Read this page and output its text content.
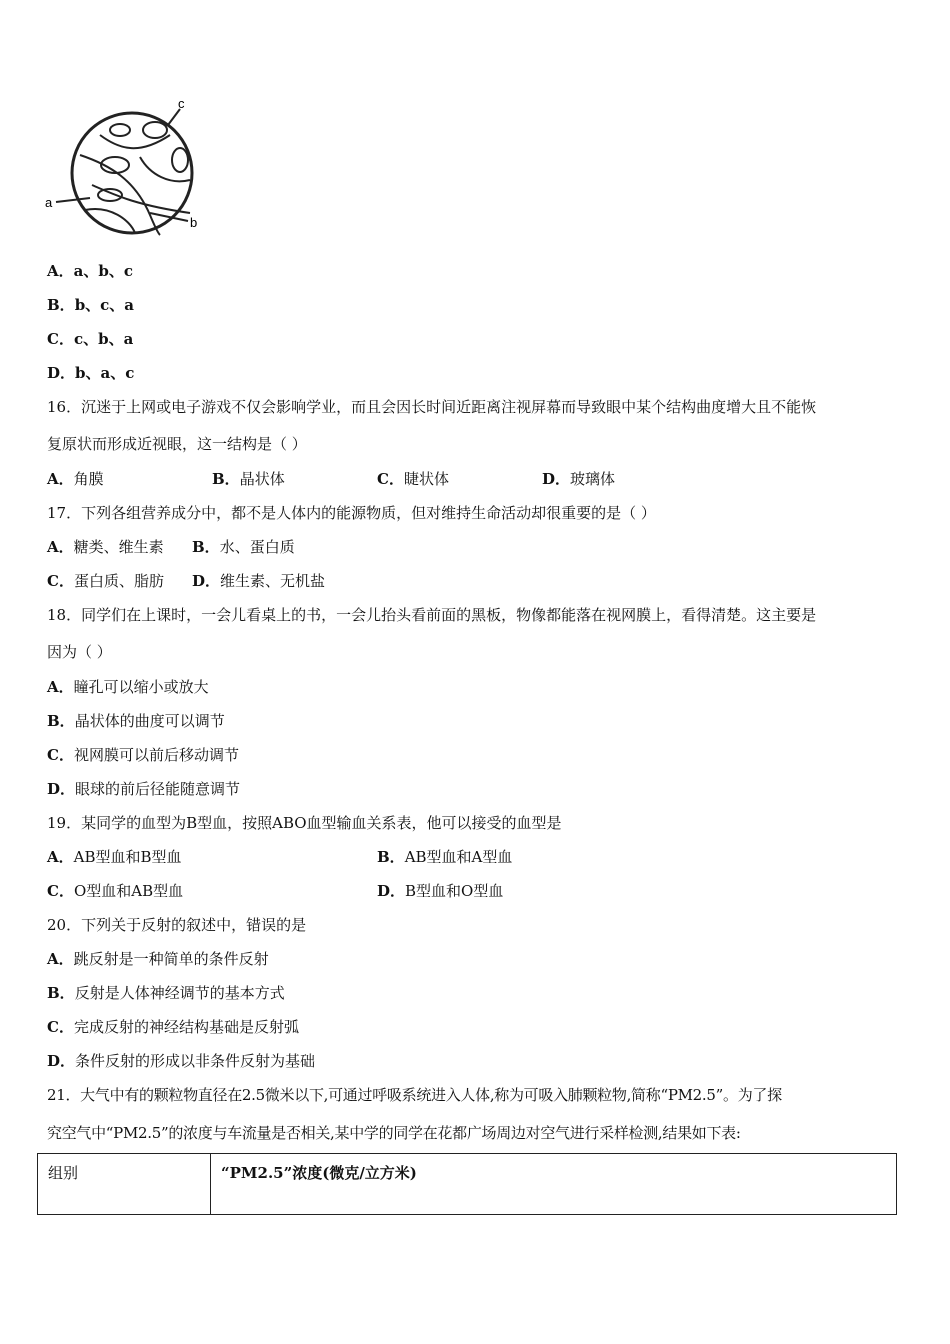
c
a
b
A．a、b、c
B．b、c、a
C．c、b、a
D．b、a、c
16．沉迷于上网或电子游戏不仅会影响学业，而且会因长时间近距离注视屏幕而导致眼中某个结构曲度增大且不能恢
复原状而形成近视眼，这一结构是（ ）
A．角膜	B．晶状体	C．睫状体	D．玻璃体
17．下列各组营养成分中，都不是人体内的能源物质，但对维持生命活动却很重要的是（ ）
A．糖类、维生素 B．水、蛋白质
C．蛋白质、脂肪 D．维生素、无机盐
18．同学们在上课时，一会儿看桌上的书，一会儿抬头看前面的黑板，物像都能落在视网膜上，看得清楚。这主要是
因为（ ）
A．瞳孔可以缩小或放大
B．晶状体的曲度可以调节
C．视网膜可以前后移动调节
D．眼球的前后径能随意调节
19．某同学的血型为B型血，按照ABO血型输血关系表，他可以接受的血型是
A．AB型血和B型血	B．AB型血和A型血
C．O型血和AB型血	D．B型血和O型血
20．下列关于反射的叙述中，错误的是
A．跳反射是一种简单的条件反射
B．反射是人体神经调节的基本方式
C．完成反射的神经结构基础是反射弧
D．条件反射的形成以非条件反射为基础
21．大气中有的颗粒物直径在2.5微米以下,可通过呼吸系统进入人体,称为可吸入肺颗粒物,简称“PM2.5”。为了探
究空气中“PM2.5”的浓度与车流量是否相关,某中学的同学在花都广场周边对空气进行采样检测,结果如下表:
组别	“PM2.5”浓度(微克/立方米)
